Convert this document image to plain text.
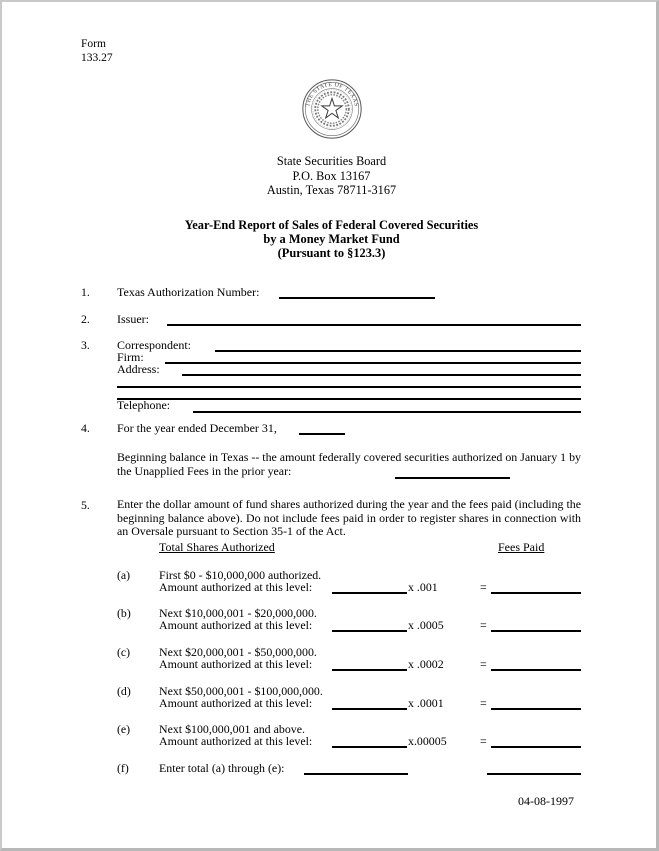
Form
133.27
THE STATE OF TEXAS
State Securities Board
P.O. Box 13167
Austin, Texas 78711-3167
Year-End Report of Sales of Federal Covered Securities
by a Money Market Fund
(Pursuant to §123.3)
1. Texas Authorization Number:
2. Issuer:
3. Correspondent:
Firm:
Address:
Telephone:
4. For the year ended December 31,
Beginning balance in Texas -- the amount federally covered securities authorized on January 1 by the Unapplied Fees in the prior year:
5. Enter the dollar amount of fund shares authorized during the year and the fees paid (including the beginning balance above). Do not include fees paid in order to register shares in connection with an Oversale pursuant to Section 35-1 of the Act.
Total Shares Authorized	Fees Paid
(a) First $0 - $10,000,000 authorized.
Amount authorized at this level:	x .001	=
(b) Next $10,000,001 - $20,000,000.
Amount authorized at this level:	x .0005	=
(c) Next $20,000,001 - $50,000,000.
Amount authorized at this level:	x .0002	=
(d) Next $50,000,001 - $100,000,000.
Amount authorized at this level:	x .0001	=
(e) Next $100,000,001 and above.
Amount authorized at this level:	x.00005	=
(f)	Enter total (a) through (e):
04-08-1997
